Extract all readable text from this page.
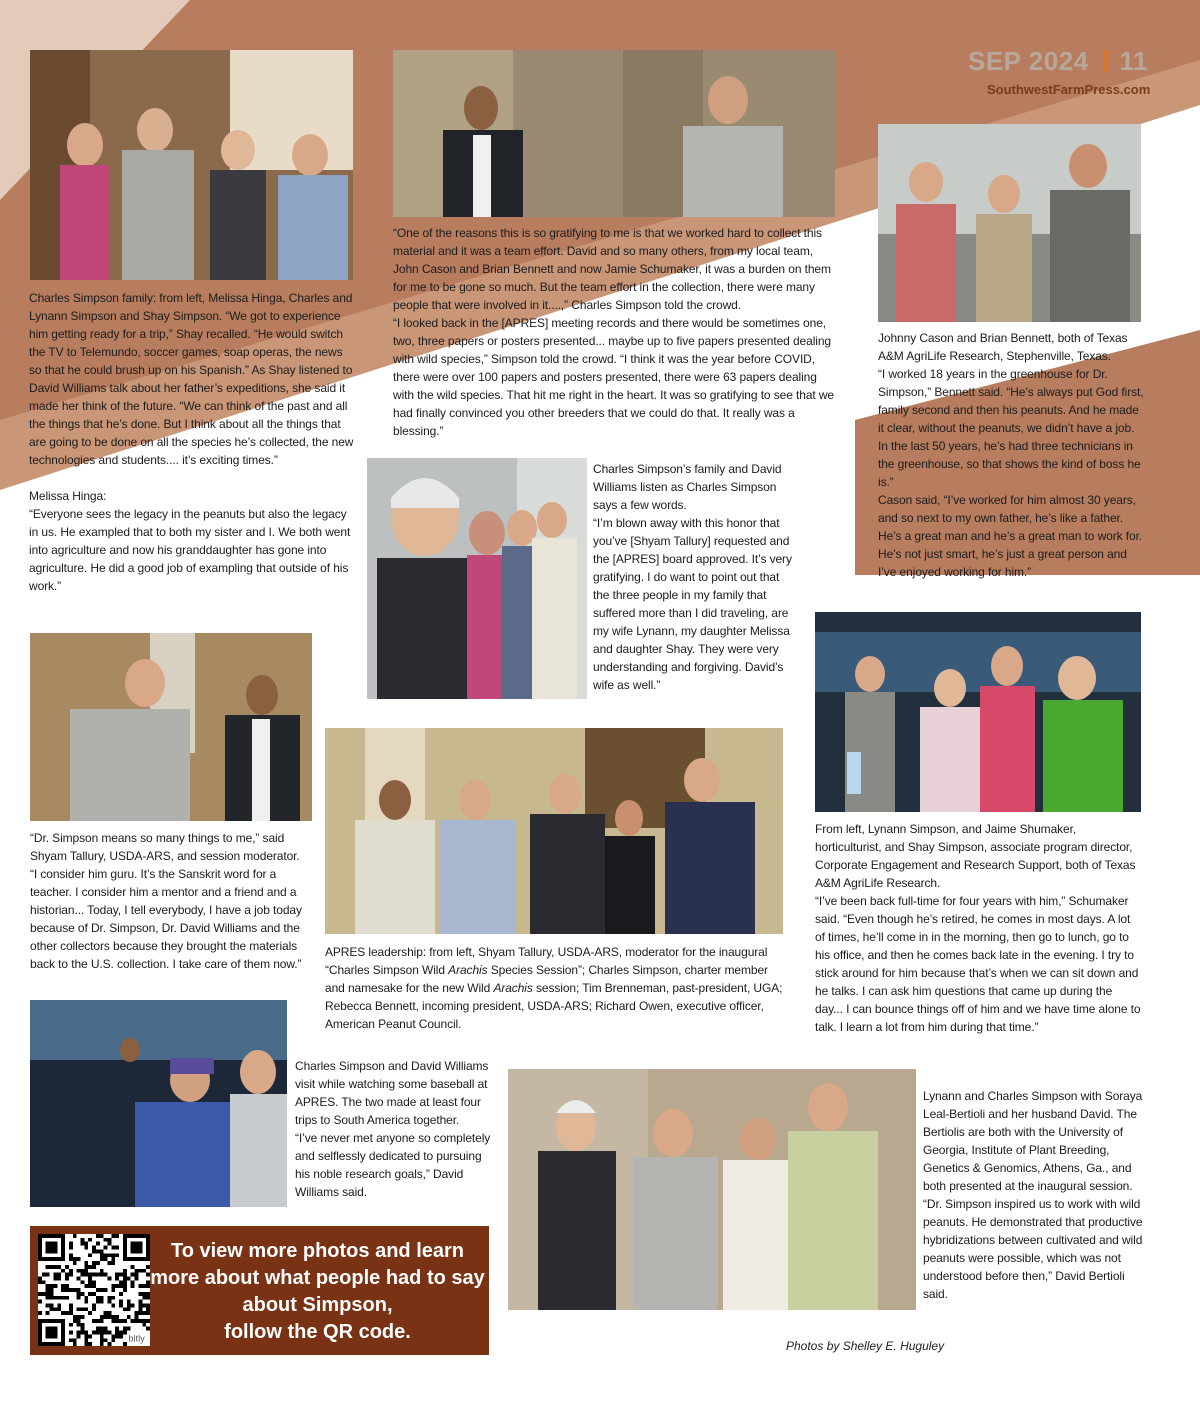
SEP 2024 11
SouthwestFarmPress.com

Charles Simpson family: from left, Melissa Hinga, Charles and Lynann Simpson and Shay Simpson. “We got to experience him getting ready for a trip,” Shay recalled. “He would switch the TV to Telemundo, soccer games, soap operas, the news so that he could brush up on his Spanish.” As Shay listened to David Williams talk about her father’s expeditions, she said it made her think of the future. “We can think of the past and all the things that he’s done. But I think about all the things that are going to be done on all the species he’s collected, the new technologies and students.... it’s exciting times.”

Melissa Hinga:

“Everyone sees the legacy in the peanuts but also the legacy in us. He exampled that to both my sister and I. We both went into agriculture and now his granddaughter has gone into agriculture. He did a good job of exampling that outside of his work.”

“One of the reasons this is so gratifying to me is that we worked hard to collect this material and it was a team effort. David and so many others, from my local team, John Cason and Brian Bennett and now Jamie Schumaker, it was a burden on them for me to be gone so much. But the team effort in the collection, there were many people that were involved in it....,” Charles Simpson told the crowd.
“I looked back in the [APRES] meeting records and there would be sometimes one, two, three papers or posters presented... maybe up to five papers presented dealing with wild species,” Simpson told the crowd. “I think it was the year before COVID, there were over 100 papers and posters presented, there were 63 papers dealing with the wild species. That hit me right in the heart. It was so gratifying to see that we had finally convinced you other breeders that we could do that. It really was a blessing.”

Johnny Cason and Brian Bennett, both of Texas A&M AgriLife Research, Stephenville, Texas.
“I worked 18 years in the greenhouse for Dr. Simpson,” Bennett said. “He’s always put God first, family second and then his peanuts. And he made it clear, without the peanuts, we didn’t have a job. In the last 50 years, he’s had three technicians in the greenhouse, so that shows the kind of boss he is.”
Cason said, “I’ve worked for him almost 30 years, and so next to my own father, he’s like a father. He’s a great man and he’s a great man to work for. He’s not just smart, he’s just a great person and I’ve enjoyed working for him.”

Charles Simpson’s family and David Williams listen as Charles Simpson says a few words.
“I’m blown away with this honor that you’ve [Shyam Tallury] requested and the [APRES] board approved. It’s very gratifying. I do want to point out that the three people in my family that suffered more than I did traveling, are my wife Lynann, my daughter Melissa and daughter Shay. They were very understanding and forgiving. David’s wife as well.”

“Dr. Simpson means so many things to me,” said Shyam Tallury, USDA-ARS, and session moderator.
“I consider him guru. It’s the Sanskrit word for a teacher. I consider him a mentor and a friend and a historian... Today, I tell everybody, I have a job today because of Dr. Simpson, Dr. David Williams and the other collectors because they brought the materials back to the U.S. collection. I take care of them now.”

APRES leadership: from left, Shyam Tallury, USDA-ARS, moderator for the inaugural “Charles Simpson Wild Arachis Species Session”; Charles Simpson, charter member and namesake for the new Wild Arachis session; Tim Brenneman, past-president, UGA; Rebecca Bennett, incoming president, USDA-ARS; Richard Owen, executive officer, American Peanut Council.

From left, Lynann Simpson, and Jaime Shumaker, horticulturist, and Shay Simpson, associate program director, Corporate Engagement and Research Support, both of Texas A&M AgriLife Research.
“I’ve been back full-time for four years with him,” Schumaker said. “Even though he’s retired, he comes in most days. A lot of times, he’ll come in in the morning, then go to lunch, go to his office, and then he comes back late in the evening. I try to stick around for him because that’s when we can sit down and he talks. I can ask him questions that came up during the day... I can bounce things off of him and we have time alone to talk. I learn a lot from him during that time.”

Charles Simpson and David Williams visit while watching some baseball at APRES. The two made at least four trips to South America together.
“I’ve never met anyone so completely and selflessly dedicated to pursuing his noble research goals,” David Williams said.

Lynann and Charles Simpson with Soraya Leal-Bertioli and her husband David. The Bertiolis are both with the University of Georgia, Institute of Plant Breeding, Genetics & Genomics, Athens, Ga., and both presented at the inaugural session.
“Dr. Simpson inspired us to work with wild peanuts. He demonstrated that productive hybridizations between cultivated and wild peanuts were possible, which was not understood before then,” David Bertioli said.

bitly
To view more photos and learn
more about what people had to say
about Simpson,
follow the QR code.
Photos by Shelley E. Huguley
